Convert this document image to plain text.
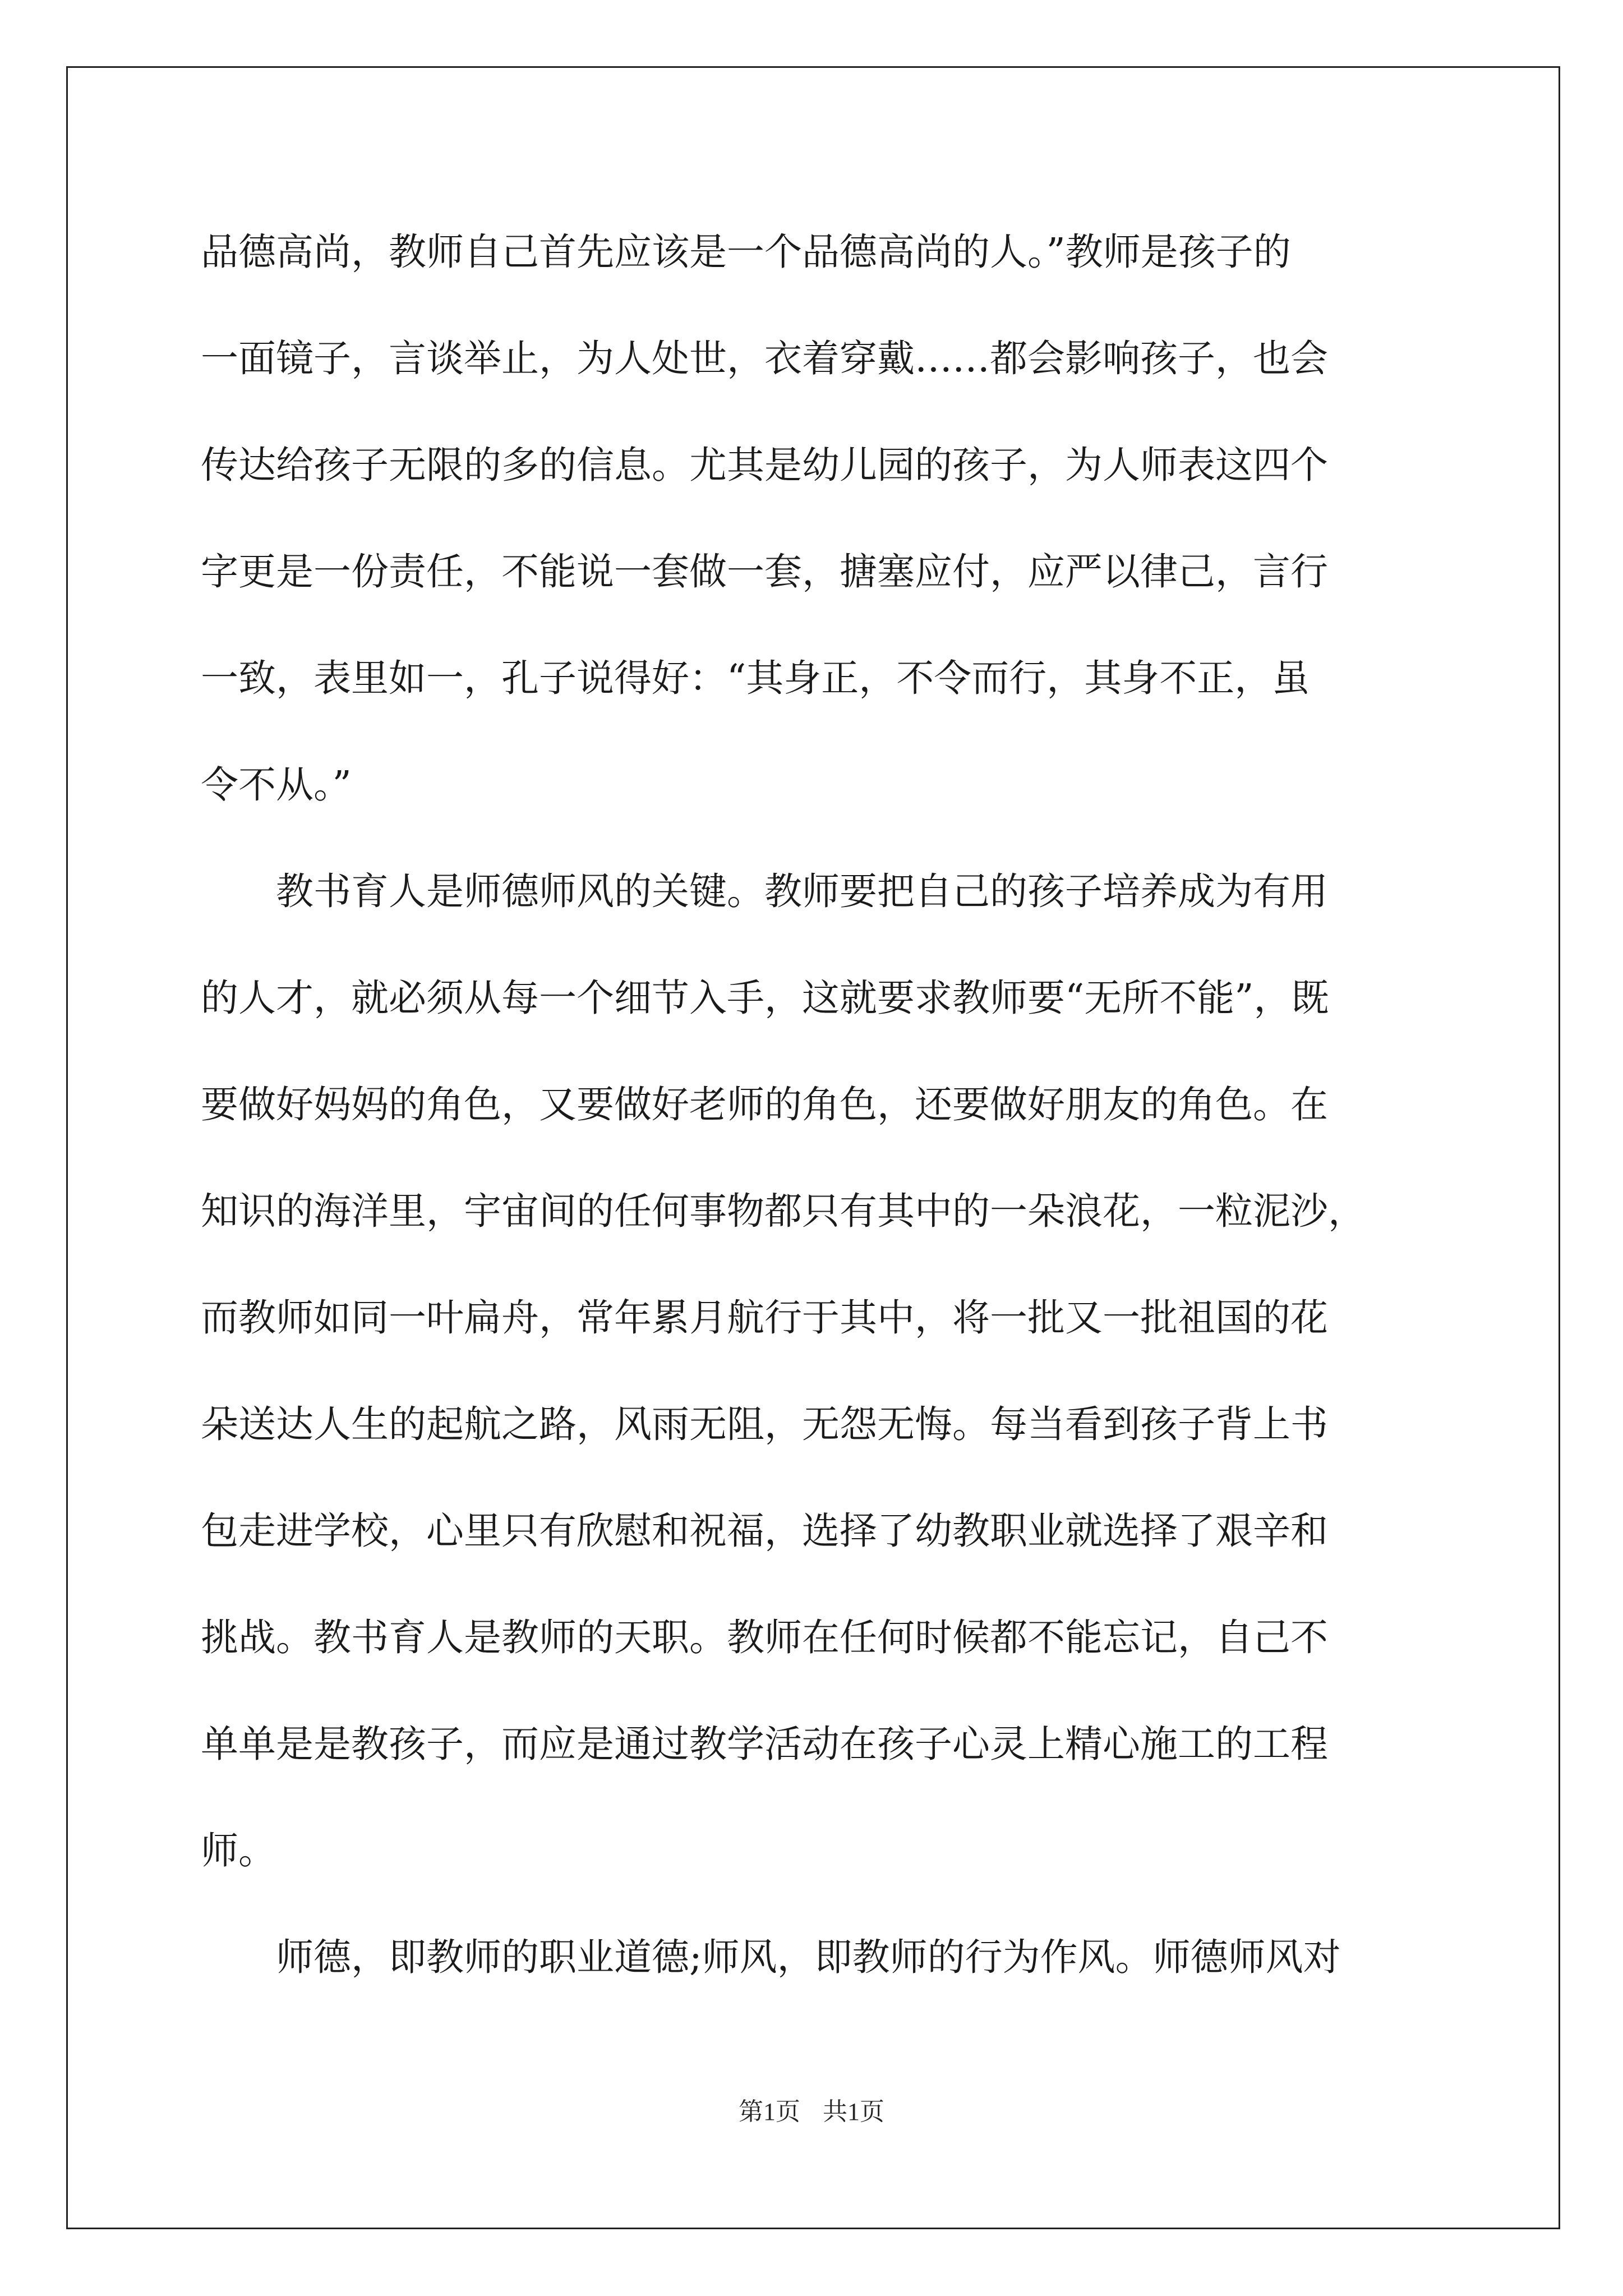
品德高尚，教师自己首先应该是一个品德高尚的人。”教师是孩子的
一面镜子，言谈举止，为人处世，衣着穿戴……都会影响孩子，也会
传达给孩子无限的多的信息。尤其是幼儿园的孩子，为人师表这四个
字更是一份责任，不能说一套做一套，搪塞应付，应严以律己，言行
一致，表里如一，孔子说得好：“其身正，不令而行，其身不正，虽
令不从。”
　　教书育人是师德师风的关键。教师要把自己的孩子培养成为有用
的人才，就必须从每一个细节入手，这就要求教师要“无所不能”，既
要做好妈妈的角色，又要做好老师的角色，还要做好朋友的角色。在
知识的海洋里，宇宙间的任何事物都只有其中的一朵浪花，一粒泥沙，
而教师如同一叶扁舟，常年累月航行于其中，将一批又一批祖国的花
朵送达人生的起航之路，风雨无阻，无怨无悔。每当看到孩子背上书
包走进学校，心里只有欣慰和祝福，选择了幼教职业就选择了艰辛和
挑战。教书育人是教师的天职。教师在任何时候都不能忘记，自己不
单单是是教孩子，而应是通过教学活动在孩子心灵上精心施工的工程
师。
　　师德，即教师的职业道德;师风，即教师的行为作风。师德师风对
第1页 共1页
